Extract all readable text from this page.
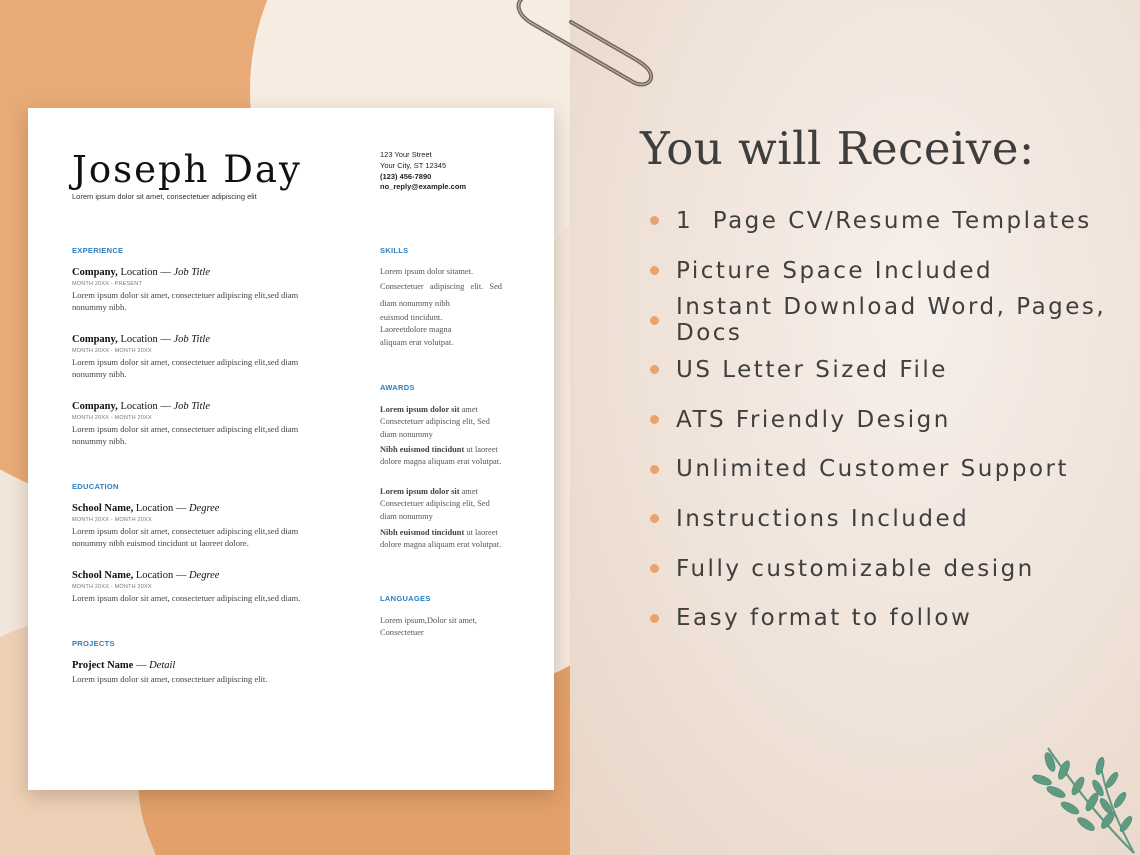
Joseph Day
Lorem ipsum dolor sit amet, consectetuer adipiscing elit
123 Your Street
Your City, ST 12345
(123) 456-7890
no_reply@example.com
EXPERIENCE
Company, Location — Job Title
MONTH 20XX - PRESENT
Lorem ipsum dolor sit amet, consectetuer adipiscing elit,sed diam nonummy nibh.
Company, Location — Job Title
MONTH 20XX - MONTH 20XX
Lorem ipsum dolor sit amet, consectetuer adipiscing elit,sed diam nonummy nibh.
Company, Location — Job Title
MONTH 20XX - MONTH 20XX
Lorem ipsum dolor sit amet, consectetuer adipiscing elit,sed diam nonummy nibh.
EDUCATION
School Name, Location — Degree
MONTH 20XX - MONTH 20XX
Lorem ipsum dolor sit amet, consectetuer adipiscing elit,sed diam nonummy nibh euismod tincidunt ut laoreet dolore.
School Name, Location — Degree
MONTH 20XX - MONTH 20XX
Lorem ipsum dolor sit amet, consectetuer adipiscing elit,sed diam.
PROJECTS
Project Name — Detail
Lorem ipsum dolor sit amet, consectetuer adipiscing elit.
SKILLS
Lorem ipsum dolor sitamet.
Consectetuer adipiscing elit. Sed diam nonummy nibh
euismod tincidunt.
Laoreetdolore magna
aliquam erat volutpat.
AWARDS
Lorem ipsum dolor sit amet Consectetuer adipiscing elit, Sed diam nonummy
Nibh euismod tincidunt ut laoreet dolore magna aliquam erat volutpat.
Lorem ipsum dolor sit amet Consectetuer adipiscing elit, Sed diam nonummy
Nibh euismod tincidunt ut laoreet dolore magna aliquam erat volutpat.
LANGUAGES
Lorem ipsum,Dolor sit amet, Consectetuer
You will Receive:
1  Page CV/Resume Templates
Picture Space Included
Instant Download Word, Pages, Docs
US Letter Sized File
ATS Friendly Design
Unlimited Customer Support
Instructions Included
Fully customizable design
Easy format to follow
